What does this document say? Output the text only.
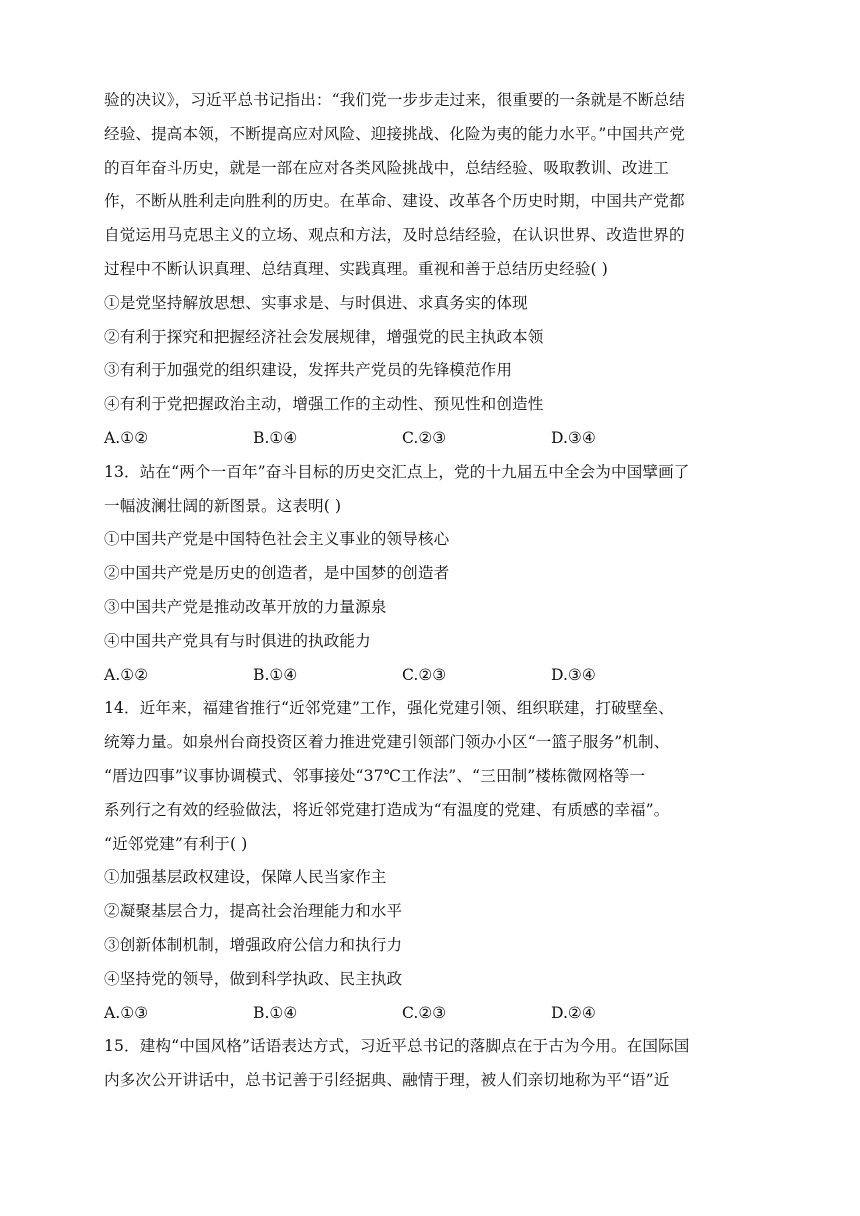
验的决议》，习近平总书记指出：“我们党一步步走过来，很重要的一条就是不断总结
经验、提高本领，不断提高应对风险、迎接挑战、化险为夷的能力水平。”中国共产党
的百年奋斗历史，就是一部在应对各类风险挑战中，总结经验、吸取教训、改进工
作，不断从胜利走向胜利的历史。在革命、建设、改革各个历史时期，中国共产党都
自觉运用马克思主义的立场、观点和方法，及时总结经验，在认识世界、改造世界的
过程中不断认识真理、总结真理、实践真理。重视和善于总结历史经验( )
①是党坚持解放思想、实事求是、与时俱进、求真务实的体现
②有利于探究和把握经济社会发展规律，增强党的民主执政本领
③有利于加强党的组织建设，发挥共产党员的先锋模范作用
④有利于党把握政治主动，增强工作的主动性、预见性和创造性
A.①②	B.①④	C.②③	D.③④
13．站在“两个一百年”奋斗目标的历史交汇点上，党的十九届五中全会为中国擘画了
一幅波澜壮阔的新图景。这表明( )
①中国共产党是中国特色社会主义事业的领导核心
②中国共产党是历史的创造者，是中国梦的创造者
③中国共产党是推动改革开放的力量源泉
④中国共产党具有与时俱进的执政能力
A.①②	B.①④	C.②③	D.③④
14．近年来，福建省推行“近邻党建”工作，强化党建引领、组织联建，打破壁垒、
统筹力量。如泉州台商投资区着力推进党建引领部门领办小区“一篮子服务”机制、
“厝边四事”议事协调模式、邻事接处“37℃工作法”、“三田制”楼栋微网格等一
系列行之有效的经验做法，将近邻党建打造成为“有温度的党建、有质感的幸福”。
“近邻党建”有利于( )
①加强基层政权建设，保障人民当家作主
②凝聚基层合力，提高社会治理能力和水平
③创新体制机制，增强政府公信力和执行力
④坚持党的领导，做到科学执政、民主执政
A.①③	B.①④	C.②③	D.②④
15．建构“中国风格”话语表达方式，习近平总书记的落脚点在于古为今用。在国际国
内多次公开讲话中，总书记善于引经据典、融情于理，被人们亲切地称为平“语”近
